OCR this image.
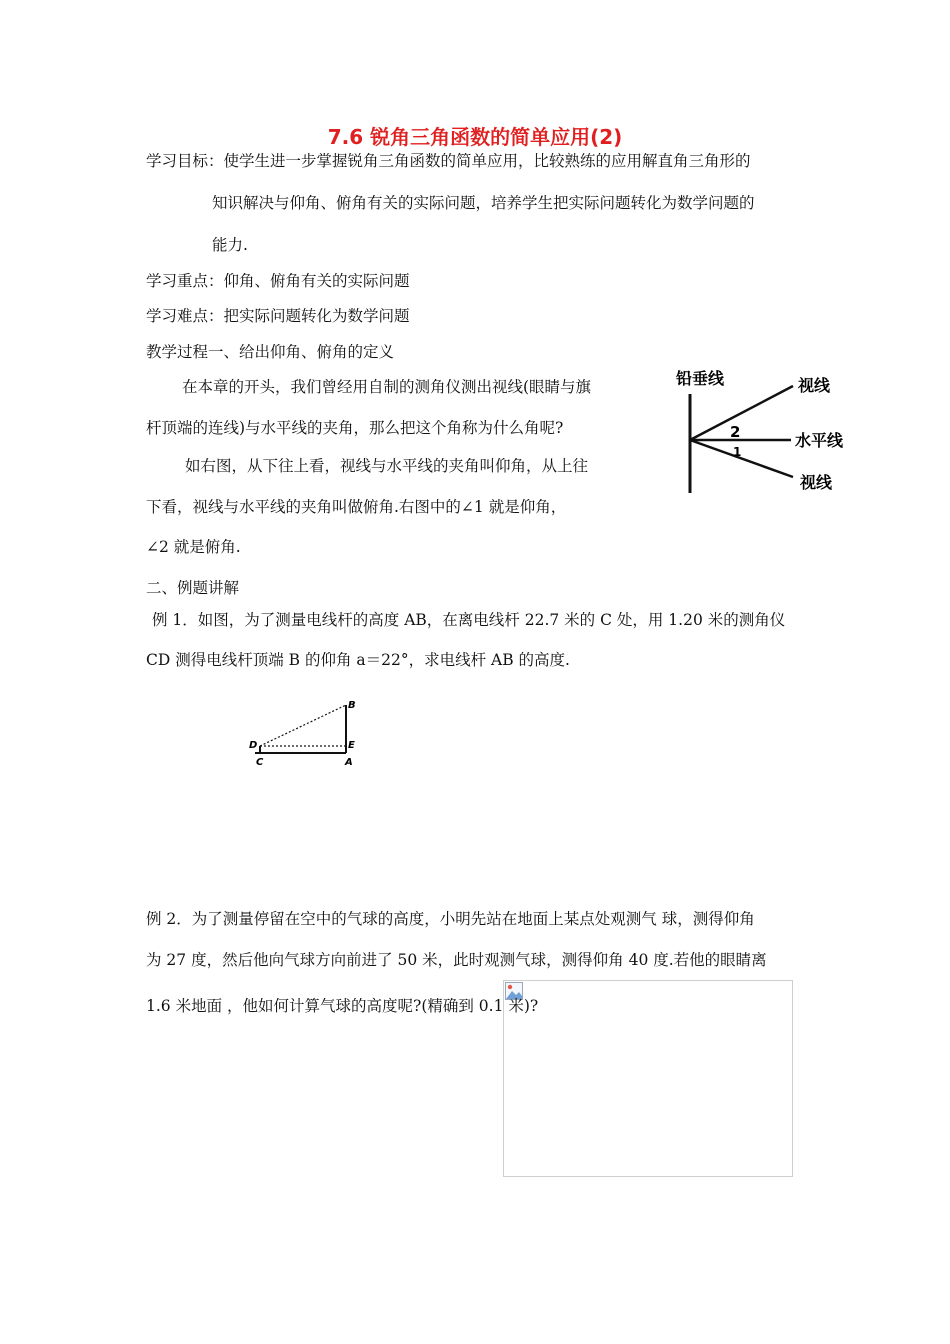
7.6 锐角三角函数的简单应用(2)
学习目标：使学生进一步掌握锐角三角函数的简单应用，比较熟练的应用解直角三角形的
知识解决与仰角、俯角有关的实际问题，培养学生把实际问题转化为数学问题的
能力.
学习重点：仰角、俯角有关的实际问题
学习难点：把实际问题转化为数学问题
教学过程一、给出仰角、俯角的定义
在本章的开头，我们曾经用自制的测角仪测出视线(眼睛与旗
杆顶端的连线)与水平线的夹角，那么把这个角称为什么角呢?
如右图，从下往上看，视线与水平线的夹角叫仰角，从上往
下看，视线与水平线的夹角叫做俯角.右图中的∠1 就是仰角，
∠2 就是俯角.
铅垂线	视线
水平线
视线
2
1
二、例题讲解
例 1．如图，为了测量电线杆的高度 AB，在离电线杆 22.7 米的 C 处，用 1.20 米的测角仪
CD 测得电线杆顶端 B 的仰角 a＝22°，求电线杆 AB 的高度.
B
D	E
C	A
例 2．为了测量停留在空中的气球的高度，小明先站在地面上某点处观测气 球，测得仰角
为 27 度，然后他向气球方向前进了 50 米，此时观测气球，测得仰角 40 度.若他的眼睛离
1.6 米地面 ，他如何计算气球的高度呢?(精确到 0.1 米)?
